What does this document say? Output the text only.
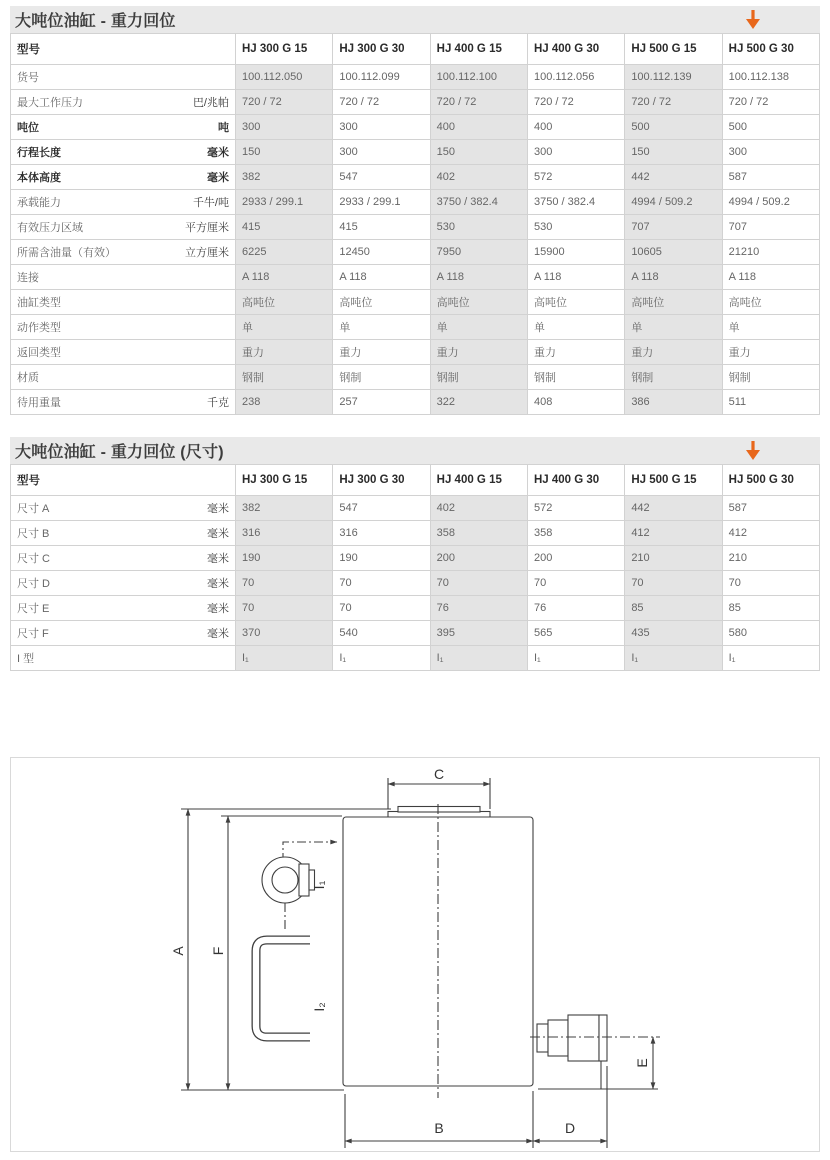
大吨位油缸 - 重力回位
型号	HJ 300 G 15	HJ 300 G 30	HJ 400 G 15	HJ 400 G 30	HJ 500 G 15	HJ 500 G 30

货号	100.112.050	100.112.099	100.112.100	100.112.056	100.112.139	100.112.138

最大工作压力 巴/兆帕	720 / 72	720 / 72	720 / 72	720 / 72	720 / 72	720 / 72

吨位 吨	300	300	400	400	500	500

行程长度 毫米	150	300	150	300	150	300

本体高度 毫米	382	547	402	572	442	587

承载能力 千牛/吨	2933 / 299.1	2933 / 299.1	3750 / 382.4	3750 / 382.4	4994 / 509.2	4994 / 509.2

有效压力区域 平方厘米	415	415	530	530	707	707

所需含油量（有效） 立方厘米	6225	12450	7950	15900	10605	21210

连接	A 118	A 118	A 118	A 118	A 118	A 118

油缸类型	高吨位	高吨位	高吨位	高吨位	高吨位	高吨位

动作类型	单	单	单	单	单	单

返回类型	重力	重力	重力	重力	重力	重力

材质	钢制	钢制	钢制	钢制	钢制	钢制

待用重量 千克	238	257	322	408	386	511
大吨位油缸 - 重力回位 (尺寸)
型号	HJ 300 G 15	HJ 300 G 30	HJ 400 G 15	HJ 400 G 30	HJ 500 G 15	HJ 500 G 30

尺寸 A 毫米	382	547	402	572	442	587

尺寸 B 毫米	316	316	358	358	412	412

尺寸 C 毫米	190	190	200	200	210	210

尺寸 D 毫米	70	70	70	70	70	70

尺寸 E 毫米	70	70	76	76	85	85

尺寸 F 毫米	370	540	395	565	435	580

I 型	I₁	I₁	I₁	I₁	I₁	I₁
C
A F
I₁
I₂
E
B	D
